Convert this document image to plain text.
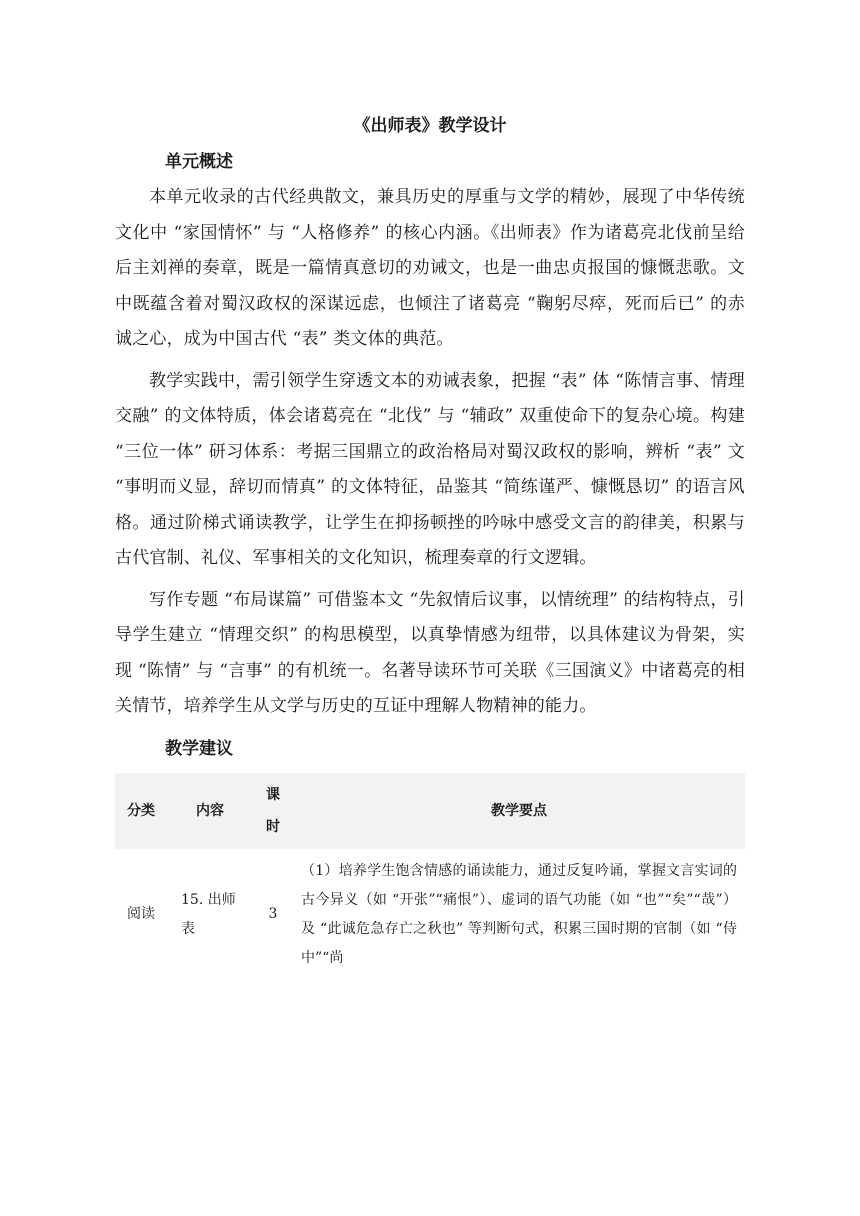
《出师表》教学设计
单元概述

本单元收录的古代经典散文，兼具历史的厚重与文学的精妙，展现了中华传统文化中 “家国情怀” 与 “人格修养” 的核心内涵。《出师表》作为诸葛亮北伐前呈给后主刘禅的奏章，既是一篇情真意切的劝诫文，也是一曲忠贞报国的慷慨悲歌。文中既蕴含着对蜀汉政权的深谋远虑，也倾注了诸葛亮 “鞠躬尽瘁，死而后已” 的赤诚之心，成为中国古代 “表” 类文体的典范。

教学实践中，需引领学生穿透文本的劝诫表象，把握 “表” 体 “陈情言事、情理交融” 的文体特质，体会诸葛亮在 “北伐” 与 “辅政” 双重使命下的复杂心境。构建 “三位一体” 研习体系：考据三国鼎立的政治格局对蜀汉政权的影响，辨析 “表” 文 “事明而义显，辞切而情真” 的文体特征，品鉴其 “简练谨严、慷慨恳切” 的语言风格。通过阶梯式诵读教学，让学生在抑扬顿挫的吟咏中感受文言的韵律美，积累与古代官制、礼仪、军事相关的文化知识，梳理奏章的行文逻辑。

写作专题 “布局谋篇” 可借鉴本文 “先叙情后议事，以情统理” 的结构特点，引导学生建立 “情理交织” 的构思模型，以真挚情感为纽带，以具体建议为骨架，实现 “陈情” 与 “言事” 的有机统一。名著导读环节可关联《三国演义》中诸葛亮的相关情节，培养学生从文学与历史的互证中理解人物精神的能力。

教学建议
分类	内容	课时	教学要点
阅读	15. 出师表	3	（1）培养学生饱含情感的诵读能力，通过反复吟诵，掌握文言实词的古今异义（如 “开张”“痛恨”）、虚词的语气功能（如 “也”“矣”“哉”）及 “此诚危急存亡之秋也” 等判断句式，积累三国时期的官制（如 “侍中”“尚
